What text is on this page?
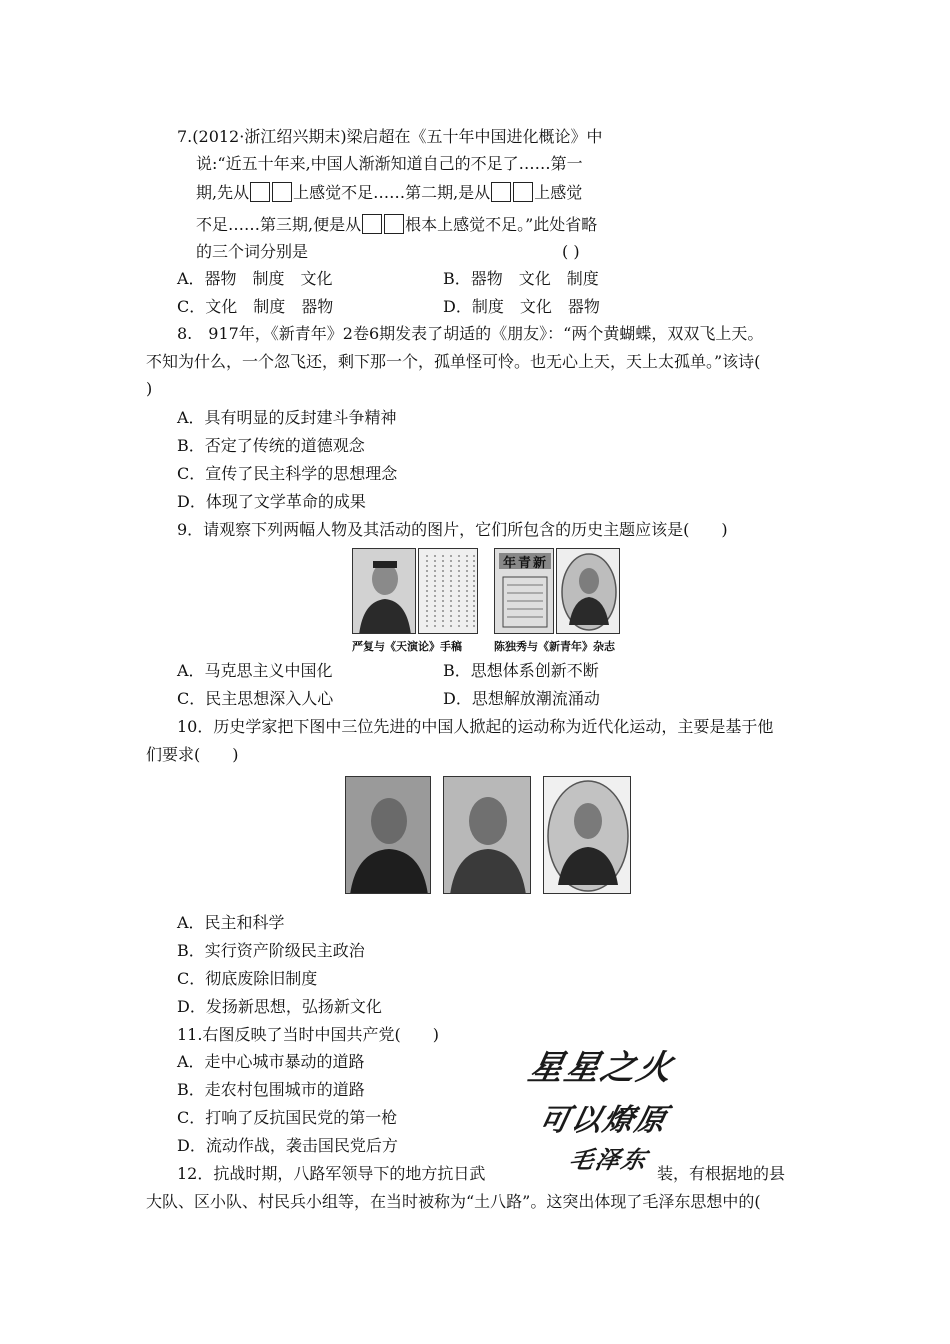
7.(2012·浙江绍兴期末)梁启超在《五十年中国进化概论》中
说:“近五十年来,中国人渐渐知道自己的不足了……第一
期,先从	上感觉不足……第二期,是从	上感觉
不足……第三期,便是从	根本上感觉不足。”此处省略
的三个词分别是	( )
A．器物　制度　文化	B．器物　文化　制度
C．文化　制度　器物	D．制度　文化　器物
8.　917年，《新青年》2卷6期发表了胡适的《朋友》：“两个黄蝴蝶，双双飞上天。
不知为什么，一个忽飞还，剩下那一个，孤单怪可怜。也无心上天，天上太孤单。”该诗(
)
A．具有明显的反封建斗争精神
B．否定了传统的道德观念
C．宣传了民主科学的思想理念
D．体现了文学革命的成果
9．请观察下列两幅人物及其活动的图片，它们所包含的历史主题应该是(　　)
年青新
严复与《天演论》手稿	陈独秀与《新青年》杂志
A．马克思主义中国化	B．思想体系创新不断
C．民主思想深入人心	D．思想解放潮流涌动
10．历史学家把下图中三位先进的中国人掀起的运动称为近代化运动，主要是基于他
们要求(　　)
A．民主和科学
B．实行资产阶级民主政治
C．彻底废除旧制度
D．发扬新思想，弘扬新文化
11.右图反映了当时中国共产党(　　)
A．走中心城市暴动的道路
B．走农村包围城市的道路
C．打响了反抗国民党的第一枪
D．流动作战，袭击国民党后方
星星之火
可以燎原
毛泽东
12．抗战时期，八路军领导下的地方抗日武	装，有根据地的县
大队、区小队、村民兵小组等，在当时被称为“土八路”。这突出体现了毛泽东思想中的(
